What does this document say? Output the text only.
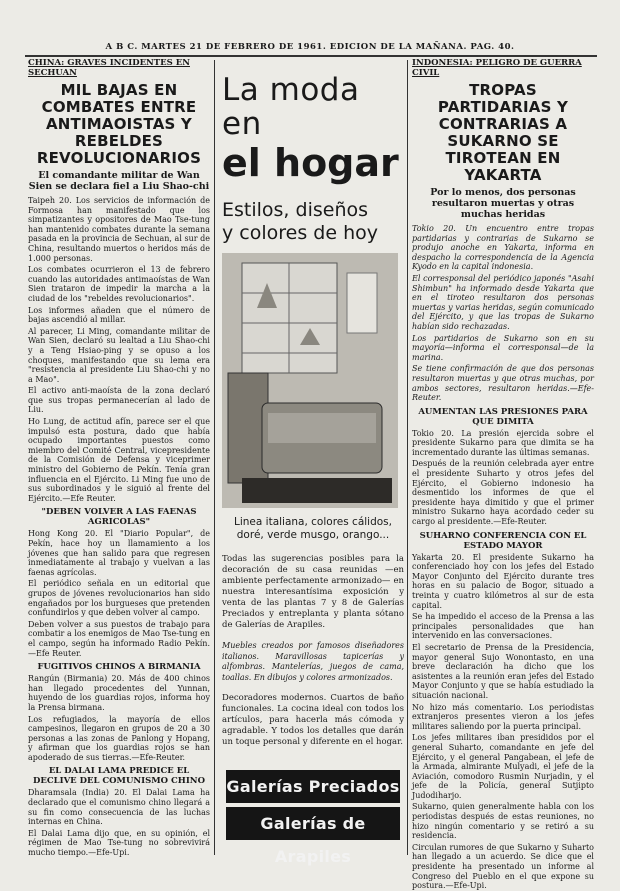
A B C. MARTES 21 DE FEBRERO DE 1961. EDICION DE LA MAÑANA. PAG. 40.
CHINA: GRAVES INCIDENTES EN SECHUAN
MIL BAJAS EN COMBATES ENTRE ANTIMAOISTAS Y REBELDES REVOLUCIONARIOS
El comandante militar de Wan Sien se declara fiel a Liu Shao-chi

Taipeh 20. Los servicios de información de Formosa han manifestado que los simpatizantes y opositores de Mao Tse-tung han mantenido combates durante la semana pasada en la provincia de Sechuan, al sur de China, resultando muertos o heridos más de 1.000 personas.

Los combates ocurrieron el 13 de febrero cuando las autoridades antimaoístas de Wan Sien trataron de impedir la marcha a la ciudad de los "rebeldes revolucionarios".

Los informes añaden que el número de bajas ascendió al millar.

Al parecer, Li Ming, comandante militar de Wan Sien, declaró su lealtad a Liu Shao-chi y a Teng Hsiao-ping y se opuso a los choques, manifestando que su lema era "resistencia al presidente Liu Shao-chi y no a Mao".

El activo anti-maoísta de la zona declaró que sus tropas permanecerían al lado de Liu.

Ho Lung, de actitud afín, parece ser el que impulsó esta postura, dado que había ocupado importantes puestos como miembro del Comité Central, vicepresidente de la Comisión de Defensa y viceprimer ministro del Gobierno de Pekín. Tenía gran influencia en el Ejército. Li Ming fue uno de sus subordinados y le siguió al frente del Ejército.—Efe Reuter.

"DEBEN VOLVER A LAS FAENAS AGRICOLAS"

Hong Kong 20. El "Diario Popular", de Pekín, hace hoy un llamamiento a los jóvenes que han salido para que regresen inmediatamente al trabajo y vuelvan a las faenas agrícolas.

El periódico señala en un editorial que grupos de jóvenes revolucionarios han sido engañados por los burgueses que pretenden confundirlos y que deben volver al campo.

Deben volver a sus puestos de trabajo para combatir a los enemigos de Mao Tse-tung en el campo, según ha informado Radio Pekín.—Efe Reuter.

FUGITIVOS CHINOS A BIRMANIA

Rangún (Birmania) 20. Más de 400 chinos han llegado procedentes del Yunnan, huyendo de los guardias rojos, informa hoy la Prensa birmana.

Los refugiados, la mayoría de ellos campesinos, llegaron en grupos de 20 a 30 personas a las zonas de Panlong y Hopang, y afirman que los guardias rojos se han apoderado de sus tierras.—Efe-Reuter.

EL DALAI LAMA PREDICE EL DECLIVE DEL COMUNISMO CHINO

Dharamsala (India) 20. El Dalai Lama ha declarado que el comunismo chino llegará a su fin como consecuencia de las luchas internas en China.

El Dalai Lama dijo que, en su opinión, el régimen de Mao Tse-tung no sobrevivirá mucho tiempo.—Efe-Upi.

La moda en
el hogar
Estilos, diseños
y colores de hoy
Linea italiana, colores cálidos, doré, verde musgo, orango...
Todas las sugerencias posibles para la decoración de su casa reunidas —en ambiente perfectamente armonizado— en nuestra interesantísima exposición y venta de las plantas 7 y 8 de Galerías Preciados y entreplanta y planta sótano de Galerías de Arapiles.
Muebles creados por famosos diseñadores italianos. Maravillosas tapicerías y alfombras. Mantelerías, juegos de cama, toallas. En dibujos y colores armonizados.
Decoradores modernos. Cuartos de baño funcionales. La cocina ideal con todos los artículos, para hacerla más cómoda y agradable. Y todos los detalles que darán un toque personal y diferente en el hogar.
Galerías Preciados
Galerías de Arapiles
INDONESIA: PELIGRO DE GUERRA CIVIL
TROPAS PARTIDARIAS Y CONTRARIAS A SUKARNO SE TIROTEAN EN YAKARTA
Por lo menos, dos personas resultaron muertas y otras muchas heridas

Tokio 20. Un encuentro entre tropas partidarias y contrarias de Sukarno se produjo anoche en Yakarta, informa en despacho la correspondencia de la Agencia Kyodo en la capital indonesia.

El corresponsal del periódico japonés "Asahi Shimbun" ha informado desde Yakarta que en el tiroteo resultaron dos personas muertas y varias heridas, según comunicado del Ejército, y que las tropas de Sukarno habían sido rechazadas.

Los partidarios de Sukarno son en su mayoría—informa el corresponsal—de la marina.

Se tiene confirmación de que dos personas resultaron muertas y que otras muchas, por ambos sectores, resultaron heridas.—Efe-Reuter.

AUMENTAN LAS PRESIONES PARA QUE DIMITA

Tokio 20. La presión ejercida sobre el presidente Sukarno para que dimita se ha incrementado durante las últimas semanas.

Después de la reunión celebrada ayer entre el presidente Suharto y otros jefes del Ejército, el Gobierno indonesio ha desmentido los informes de que el presidente haya dimitido y que el primer ministro Sukarno haya acordado ceder su cargo al presidente.—Efe-Reuter.

SUHARNO CONFERENCIA CON EL ESTADO MAYOR

Yakarta 20. El presidente Sukarno ha conferenciado hoy con los jefes del Estado Mayor Conjunto del Ejército durante tres horas en su palacio de Bogor, situado a treinta y cuatro kilómetros al sur de esta capital.

Se ha impedido el acceso de la Prensa a las principales personalidades que han intervenido en las conversaciones.

El secretario de Prensa de la Presidencia, mayor general Sujo Wonontasto, en una breve declaración ha dicho que los asistentes a la reunión eran jefes del Estado Mayor Conjunto y que se había estudiado la situación nacional.

No hizo más comentario. Los periodistas extranjeros presentes vieron a los jefes militares saliendo por la puerta principal.

Los jefes militares iban presididos por el general Suharto, comandante en jefe del Ejército, y el general Pangabean, el jefe de la Armada, almirante Mulyadi, el jefe de la Aviación, comodoro Rusmin Nurjadin, y el jefe de la Policía, general Sutjipto Judodiharjo.

Sukarno, quien generalmente habla con los periodistas después de estas reuniones, no hizo ningún comentario y se retiró a su residencia.

Circulan rumores de que Sukarno y Suharto han llegado a un acuerdo. Se dice que el presidente ha presentado un informe al Congreso del Pueblo en el que expone su postura.—Efe-Upi.
